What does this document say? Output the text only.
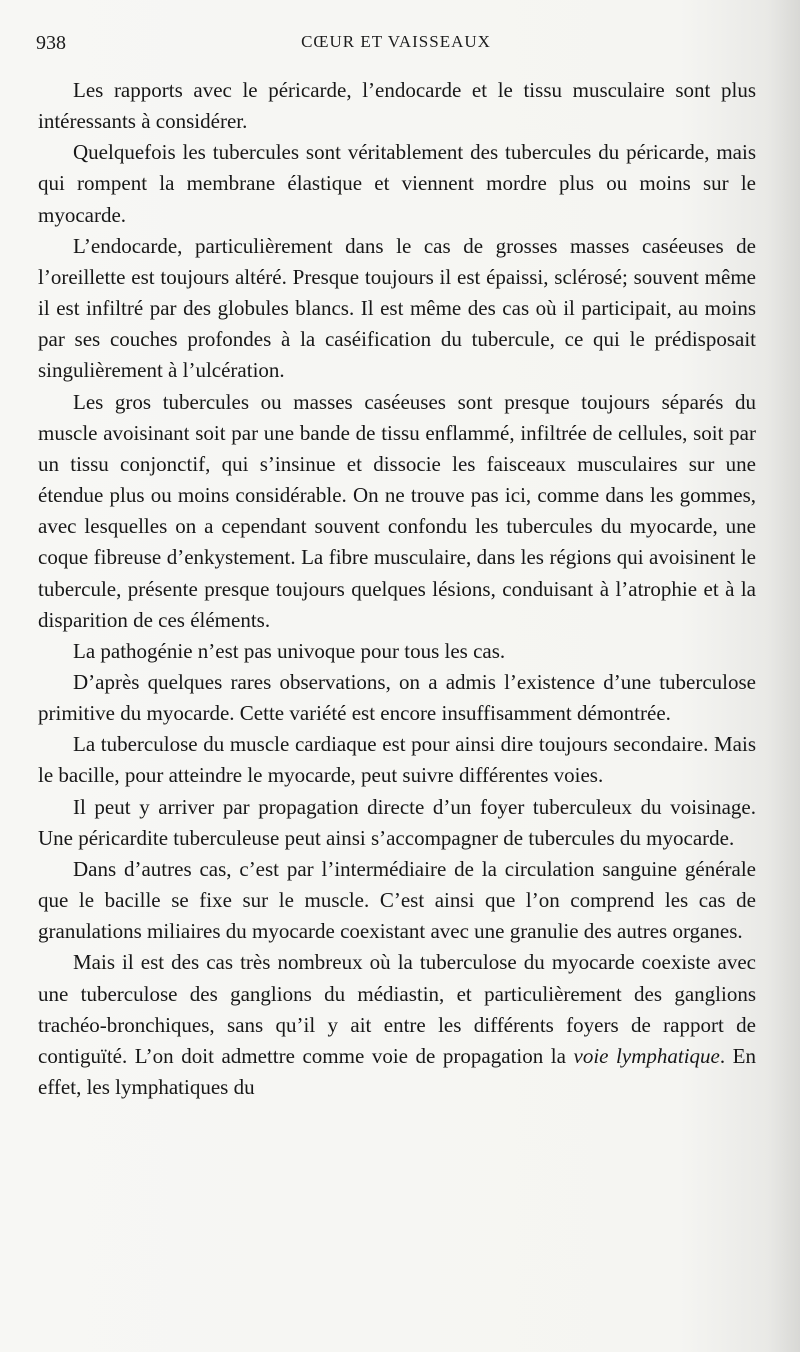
938	CŒUR ET VAISSEAUX

Les rapports avec le péricarde, l’endocarde et le tissu musculaire sont plus intéressants à considérer.

Quelquefois les tubercules sont véritablement des tubercules du péricarde, mais qui rompent la membrane élastique et viennent mordre plus ou moins sur le myocarde.

L’endocarde, particulièrement dans le cas de grosses masses caséeuses de l’oreillette est toujours altéré. Presque toujours il est épaissi, sclérosé; souvent même il est infiltré par des globules blancs. Il est même des cas où il participait, au moins par ses couches profondes à la caséification du tubercule, ce qui le prédisposait singulièrement à l’ulcération.

Les gros tubercules ou masses caséeuses sont presque toujours séparés du muscle avoisinant soit par une bande de tissu enflammé, infiltrée de cellules, soit par un tissu conjonctif, qui s’insinue et dissocie les faisceaux musculaires sur une étendue plus ou moins considérable. On ne trouve pas ici, comme dans les gommes, avec lesquelles on a cependant souvent confondu les tubercules du myocarde, une coque fibreuse d’enkystement. La fibre musculaire, dans les régions qui avoisinent le tubercule, présente presque toujours quelques lésions, conduisant à l’atrophie et à la disparition de ces éléments.

La pathogénie n’est pas univoque pour tous les cas.

D’après quelques rares observations, on a admis l’existence d’une tuberculose primitive du myocarde. Cette variété est encore insuffisamment démontrée.

La tuberculose du muscle cardiaque est pour ainsi dire toujours secondaire. Mais le bacille, pour atteindre le myocarde, peut suivre différentes voies.

Il peut y arriver par propagation directe d’un foyer tuberculeux du voisinage. Une péricardite tuberculeuse peut ainsi s’accompagner de tubercules du myocarde.

Dans d’autres cas, c’est par l’intermédiaire de la circulation sanguine générale que le bacille se fixe sur le muscle. C’est ainsi que l’on comprend les cas de granulations miliaires du myocarde coexistant avec une granulie des autres organes.

Mais il est des cas très nombreux où la tuberculose du myocarde coexiste avec une tuberculose des ganglions du médiastin, et particulièrement des ganglions trachéo-bronchiques, sans qu’il y ait entre les différents foyers de rapport de contiguïté. L’on doit admettre comme voie de propagation la voie lymphatique. En effet, les lymphatiques du
